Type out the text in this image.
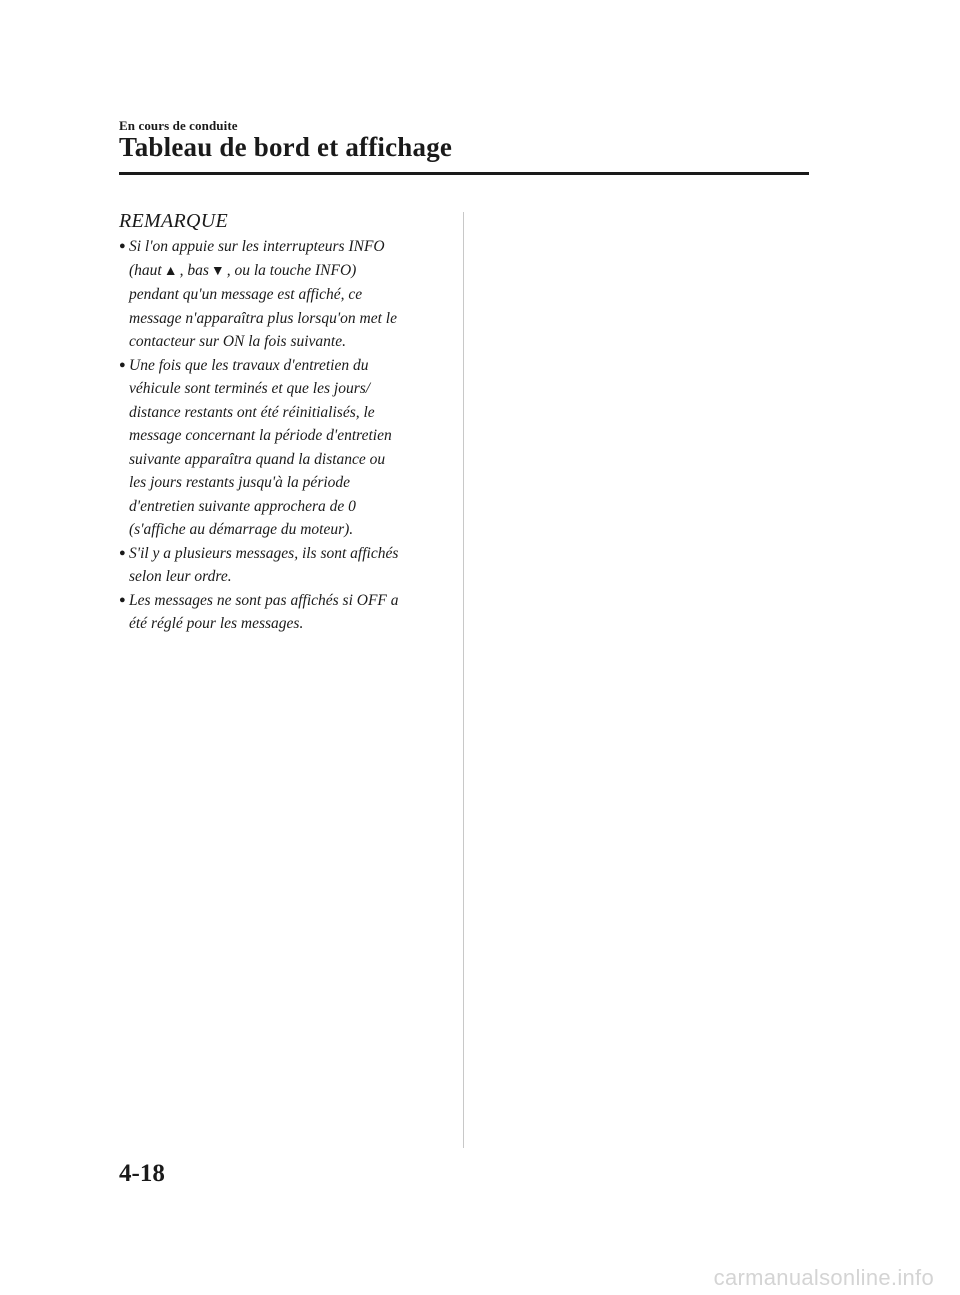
En cours de conduite
Tableau de bord et affichage
REMARQUE
● Si l'on appuie sur les interrupteurs INFO
(haut ▲ , bas ▼ , ou la touche INFO)
pendant qu'un message est affiché, ce
message n'apparaîtra plus lorsqu'on met le
contacteur sur ON la fois suivante.
● Une fois que les travaux d'entretien du
véhicule sont terminés et que les jours/
distance restants ont été réinitialisés, le
message concernant la période d'entretien
suivante apparaîtra quand la distance ou
les jours restants jusqu'à la période
d'entretien suivante approchera de 0
(s'affiche au démarrage du moteur).
● S'il y a plusieurs messages, ils sont affichés
selon leur ordre.
● Les messages ne sont pas affichés si OFF a
été réglé pour les messages.
4-18
carmanualsonline.info
